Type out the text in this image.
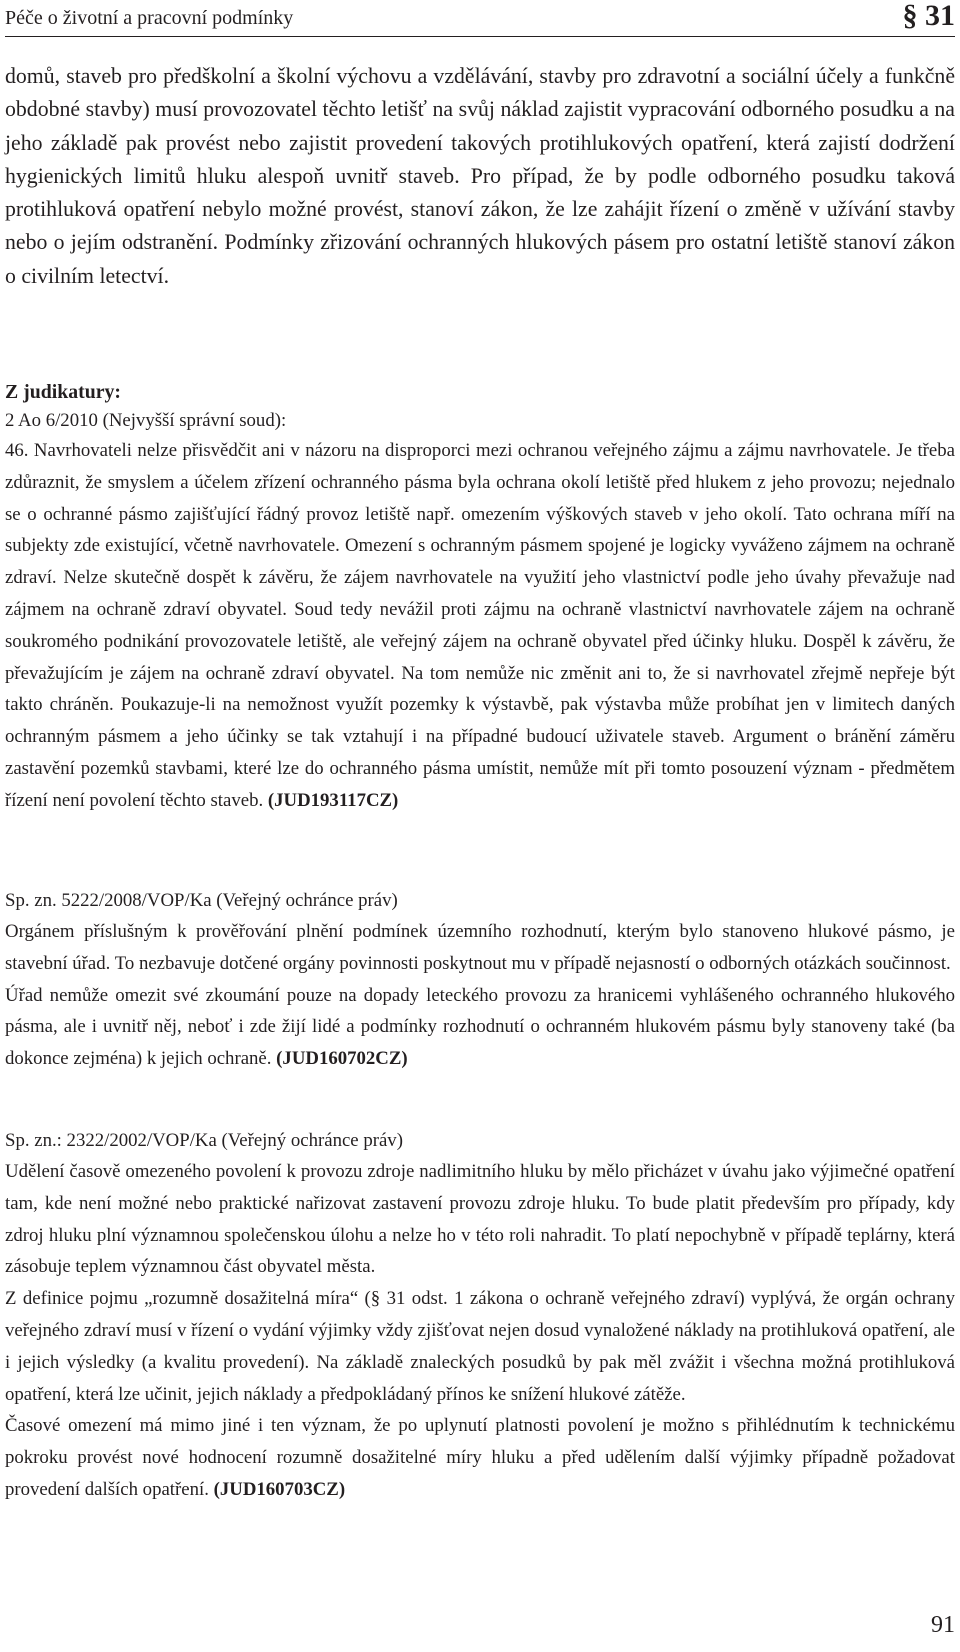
Péče o životní a pracovní podmínky	§ 31

domů, staveb pro předškolní a školní výchovu a vzdělávání, stavby pro zdravotní a sociální účely a funkčně obdobné stavby) musí provozovatel těchto letišť na svůj náklad zajistit vypracování odborného posudku a na jeho základě pak provést nebo zajistit provedení takových protihlukových opatření, která zajistí dodržení hygienických limitů hluku alespoň uvnitř staveb. Pro případ, že by podle odborného posudku taková protihluková opatření nebylo možné provést, stanoví zákon, že lze zahájit řízení o změně v užívání stavby nebo o jejím odstranění. Podmínky zřizování ochranných hlukových pásem pro ostatní letiště stanoví zákon o civilním letectví.

Z judikatury:

2 Ao 6/2010 (Nejvyšší správní soud):

46. Navrhovateli nelze přisvědčit ani v názoru na disproporci mezi ochranou veřejného zájmu a zájmu navrhovatele. Je třeba zdůraznit, že smyslem a účelem zřízení ochranného pásma byla ochrana okolí letiště před hlukem z jeho provozu; nejednalo se o ochranné pásmo zajišťující řádný provoz letiště např. omezením výškových staveb v jeho okolí. Tato ochrana míří na subjekty zde existující, včetně navrhovatele. Omezení s ochranným pásmem spojené je logicky vyváženo zájmem na ochraně zdraví. Nelze skutečně dospět k závěru, že zájem navrhovatele na využití jeho vlastnictví podle jeho úvahy převažuje nad zájmem na ochraně zdraví obyvatel. Soud tedy nevážil proti zájmu na ochraně vlastnictví navrhovatele zájem na ochraně soukromého podnikání provozovatele letiště, ale veřejný zájem na ochraně obyvatel před účinky hluku. Dospěl k závěru, že převažujícím je zájem na ochraně zdraví obyvatel. Na tom nemůže nic změnit ani to, že si navrhovatel zřejmě nepřeje být takto chráněn. Poukazuje-li na nemožnost využít pozemky k výstavbě, pak výstavba může probíhat jen v limitech daných ochranným pásmem a jeho účinky se tak vztahují i na případné budoucí uživatele staveb. Argument o bránění záměru zastavění pozemků stavbami, které lze do ochranného pásma umístit, nemůže mít při tomto posouzení význam - předmětem řízení není povolení těchto staveb. (JUD193117CZ)

Sp. zn. 5222/2008/VOP/Ka (Veřejný ochránce práv)

Orgánem příslušným k prověřování plnění podmínek územního rozhodnutí, kterým bylo stanoveno hlukové pásmo, je stavební úřad. To nezbavuje dotčené orgány povinnosti poskytnout mu v případě nejasností o odborných otázkách součinnost.

Úřad nemůže omezit své zkoumání pouze na dopady leteckého provozu za hranicemi vyhlášeného ochranného hlukového pásma, ale i uvnitř něj, neboť i zde žijí lidé a podmínky rozhodnutí o ochranném hlukovém pásmu byly stanoveny také (ba dokonce zejména) k jejich ochraně. (JUD160702CZ)

Sp. zn.: 2322/2002/VOP/Ka (Veřejný ochránce práv)

Udělení časově omezeného povolení k provozu zdroje nadlimitního hluku by mělo přicházet v úvahu jako výjimečné opatření tam, kde není možné nebo praktické nařizovat zastavení provozu zdroje hluku. To bude platit především pro případy, kdy zdroj hluku plní významnou společenskou úlohu a nelze ho v této roli nahradit. To platí nepochybně v případě teplárny, která zásobuje teplem významnou část obyvatel města.

Z definice pojmu „rozumně dosažitelná míra“ (§ 31 odst. 1 zákona o ochraně veřejného zdraví) vyplývá, že orgán ochrany veřejného zdraví musí v řízení o vydání výjimky vždy zjišťovat nejen dosud vynaložené náklady na protihluková opatření, ale i jejich výsledky (a kvalitu provedení). Na základě znaleckých posudků by pak měl zvážit i všechna možná protihluková opatření, která lze učinit, jejich náklady a předpokládaný přínos ke snížení hlukové zátěže.

Časové omezení má mimo jiné i ten význam, že po uplynutí platnosti povolení je možno s přihlédnutím k technickému pokroku provést nové hodnocení rozumně dosažitelné míry hluku a před udělením další výjimky případně požadovat provedení dalších opatření. (JUD160703CZ)

91
